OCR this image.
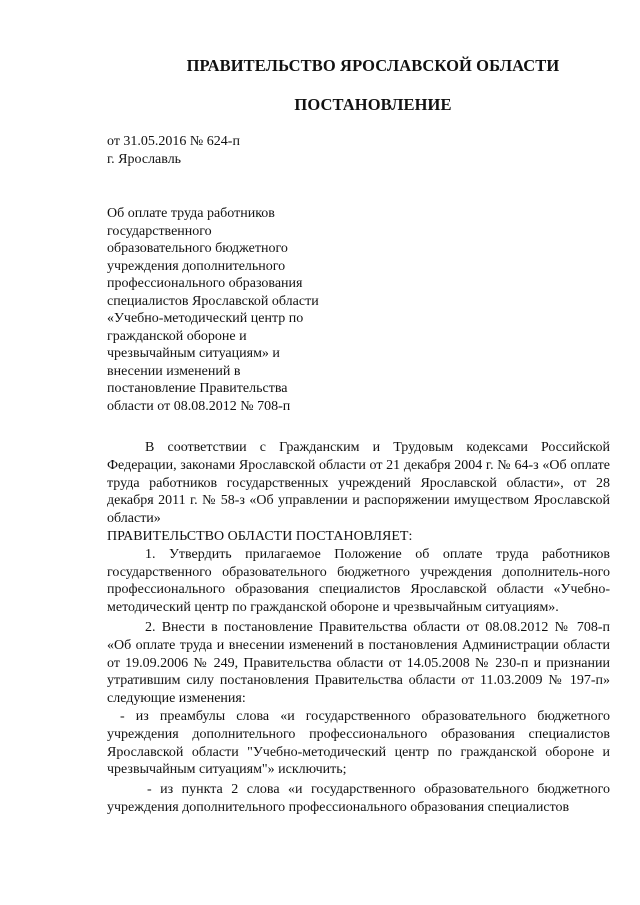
ПРАВИТЕЛЬСТВО ЯРОСЛАВСКОЙ ОБЛАСТИ
ПОСТАНОВЛЕНИЕ
от 31.05.2016 № 624-п
г. Ярославль
Об оплате труда работников
государственного
образовательного бюджетного
учреждения дополнительного
профессионального образования
специалистов Ярославской области
«Учебно-методический центр по
гражданской обороне и
чрезвычайным ситуациям» и
внесении изменений в
постановление Правительства
области от 08.08.2012 № 708-п
В соответствии с Гражданским и Трудовым кодексами Российской Федерации, законами Ярославской области от 21 декабря 2004 г. № 64-з «Об оплате труда работников государственных учреждений Ярославской области», от 28 декабря 2011 г. № 58-з «Об управлении и распоряжении имуществом Ярославской области»
ПРАВИТЕЛЬСТВО ОБЛАСТИ ПОСТАНОВЛЯЕТ:
1. Утвердить прилагаемое Положение об оплате труда работников государственного образовательного бюджетного учреждения дополнитель-ного профессионального образования специалистов Ярославской области «Учебно-методический центр по гражданской обороне и чрезвычайным ситуациям».
2. Внести в постановление Правительства области от 08.08.2012 № 708-п «Об оплате труда и внесении изменений в постановления Администрации области от 19.09.2006 № 249, Правительства области от 14.05.2008 № 230-п и признании утратившим силу постановления Правительства области от 11.03.2009 № 197-п» следующие изменения:
- из преамбулы слова «и государственного образовательного бюджетного учреждения дополнительного профессионального образования специалистов Ярославской области "Учебно-методический центр по гражданской обороне и чрезвычайным ситуациям"» исключить;
- из пункта 2 слова «и государственного образовательного бюджетного учреждения дополнительного профессионального образования специалистов
